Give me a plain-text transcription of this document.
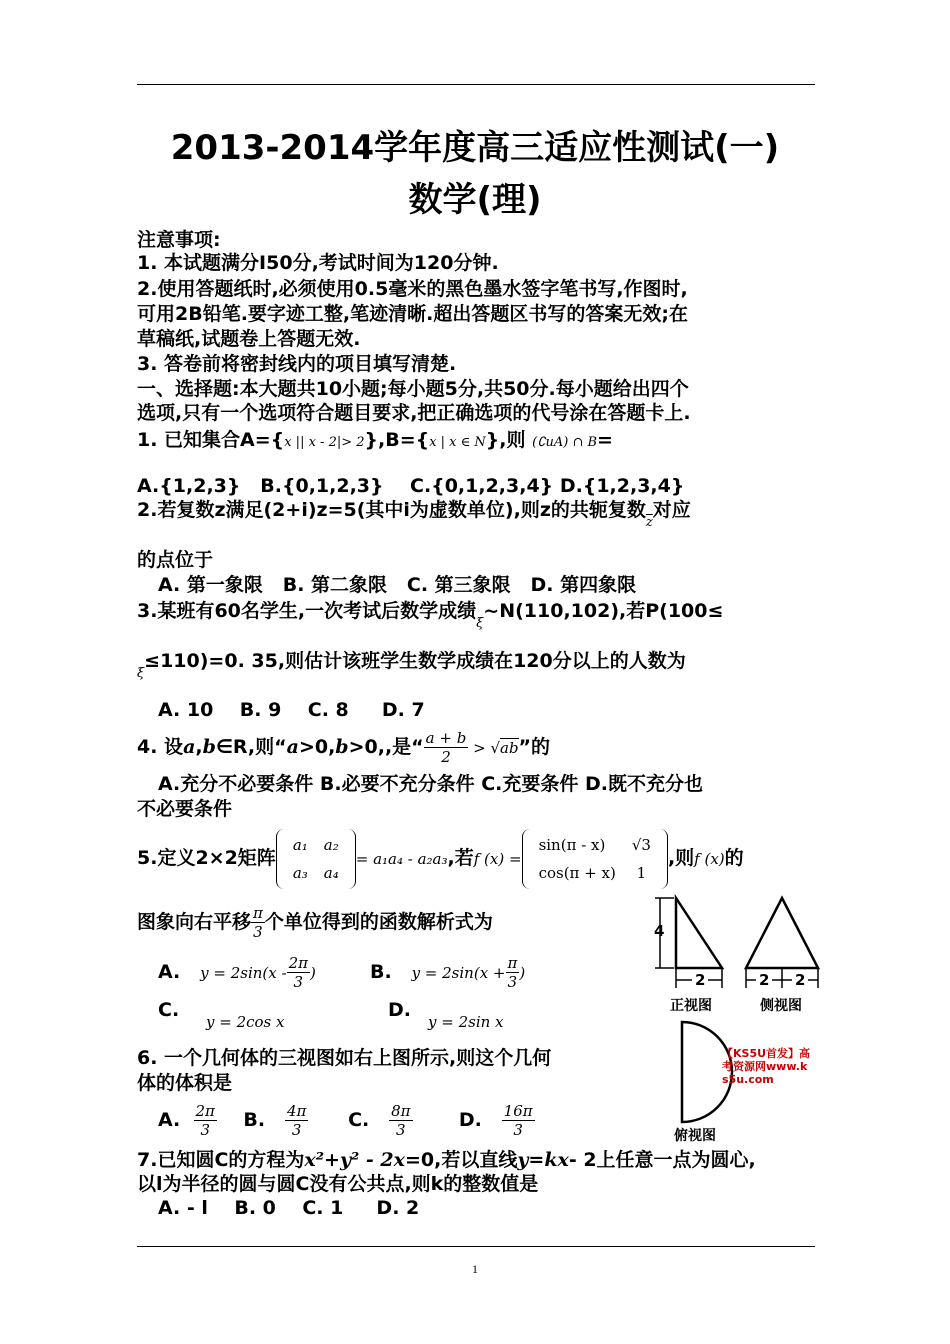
2013-2014学年度高三适应性测试(一)
数学(理)
注意事项:
1. 本试题满分I50分,考试时间为120分钟.
2.使用答题纸时,必须使用0.5毫米的黑色墨水签字笔书写,作图时,
可用2B铅笔.要字迹工整,笔迹清晰.超出答题区书写的答案无效;在
草稿纸,试题卷上答题无效.
3. 答卷前将密封线内的项目填写清楚.
一、选择题:本大题共10小题;每小题5分,共50分.每小题给出四个
选项,只有一个选项符合题目要求,把正确选项的代号涂在答题卡上.
1. 已知集合A={x || x - 2|> 2},B={x | x ∈ N},则 (∁uA) ∩ B=
A.{1,2,3}   B.{0,1,2,3}    C.{0,1,2,3,4} D.{1,2,3,4}
2.若复数z满足(2+i)z=5(其中i为虚数单位),则z的共轭复数$_{\overline{z}}$对应
的点位于
A. 第一象限   B. 第二象限   C. 第三象限   D. 第四象限
3.某班有60名学生,一次考试后数学成绩$_\xi$~N(110,102),若P(100≤
$_\xi$≤110)=0. 35,则估计该班学生数学成绩在120分以上的人数为
A. 10    B. 9    C. 8     D. 7
4. 设a,b∈R,则“a>0,b>0,,是“ $\frac{a + b}{2} > √ab$”的
A.充分不必要条件 B.必要不充分条件 C.充要条件 D.既不充分也
不必要条件
5.定义2×2矩阵
a₁	a₂
a₃	a₄
= a₁a₄ - a₂a₃,若f (x) =
sin(π - x)	√3
cos(π + x)	1
,则f (x)的
图象向右平移 $\frac{\pi}{3}$ 个单位得到的函数解析式为
A. $y = 2\sin(x - \frac{2\pi}{3}$ )	B. $y = 2\sin(x + \frac{\pi}{3}$ )
C.
y = 2cos x
D.
y = 2sin x
6. 一个几何体的三视图如右上图所示,则这个几何
体的体积是
A. $\frac{2\pi}{3} B$. $\frac{4\pi}{3} C$. $\frac{8\pi}{3} D$. $\frac{16\pi}{3}$
7.已知圆C的方程为x²+y² - 2x=0,若以直线y=kx- 2上任意一点为圆心,
以l为半径的圆与圆C没有公共点,则k的整数值是
A. - l    B. 0    C. 1     D. 2
4
2	2 2
正视图	侧视图
俯视图
【KS5U首发】高
考资源网www.k
s5u.com
1
